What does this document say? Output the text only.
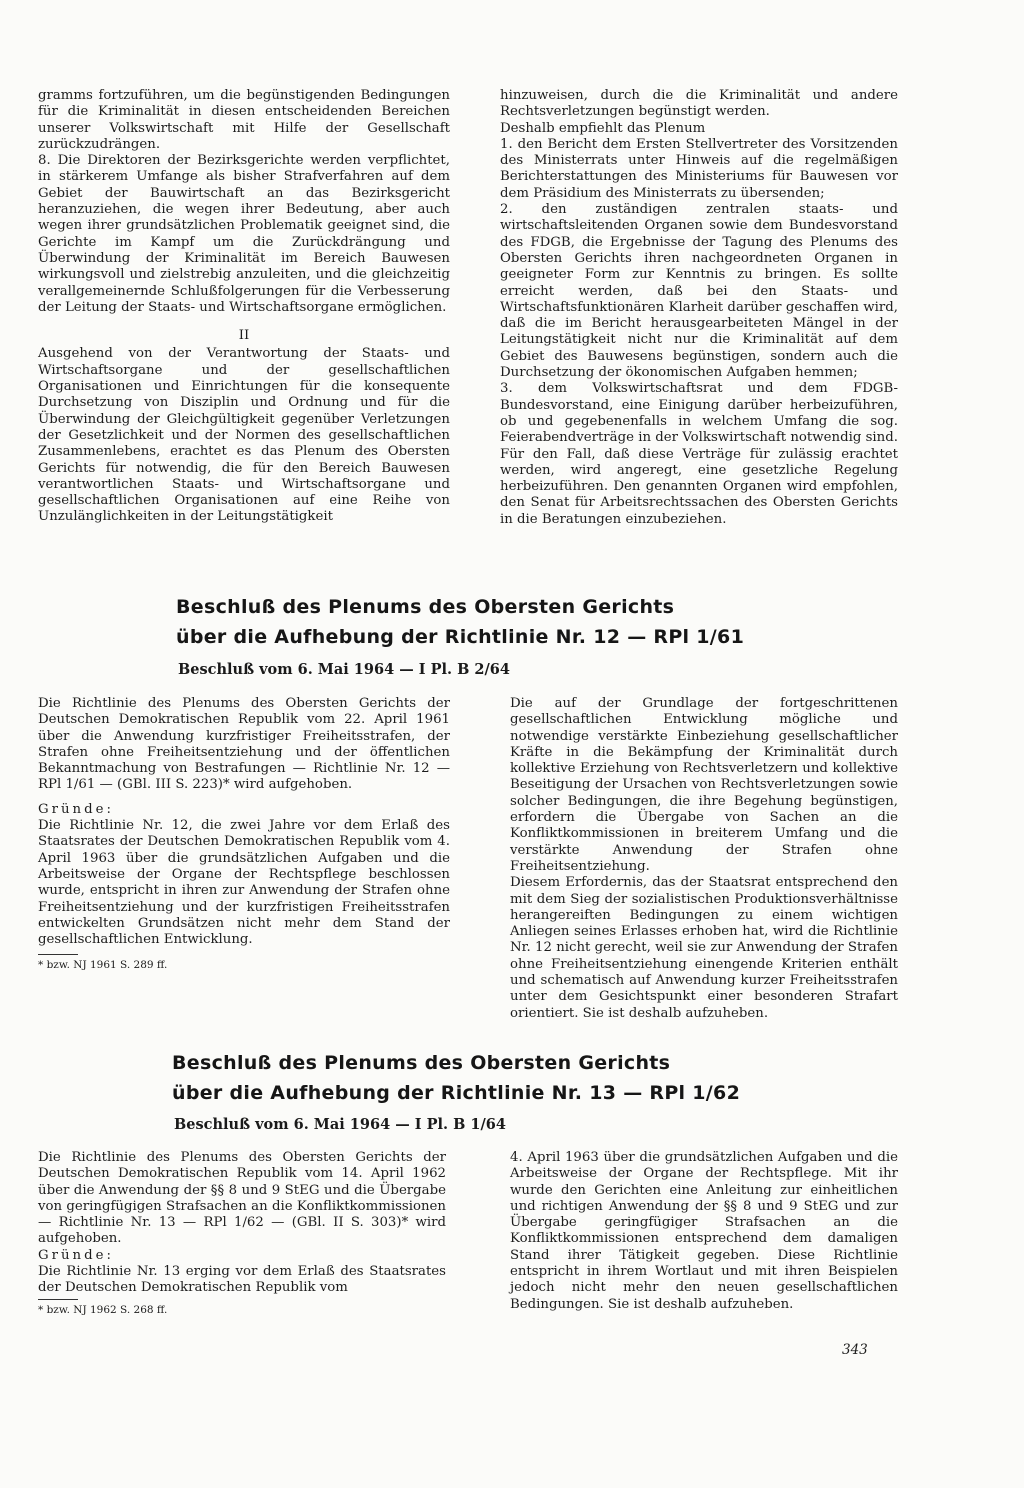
gramms fortzuführen, um die begünstigenden Bedingungen für die Kriminalität in diesen entscheidenden Bereichen unserer Volkswirtschaft mit Hilfe der Gesellschaft zurückzudrängen.

8. Die Direktoren der Bezirksgerichte werden verpflichtet, in stärkerem Umfange als bisher Strafverfahren auf dem Gebiet der Bauwirtschaft an das Bezirksgericht heranzuziehen, die wegen ihrer Bedeutung, aber auch wegen ihrer grundsätzlichen Problematik geeignet sind, die Gerichte im Kampf um die Zurückdrängung und Überwindung der Kriminalität im Bereich Bauwesen wirkungsvoll und zielstrebig anzuleiten, und die gleichzeitig verallgemeinernde Schlußfolgerungen für die Verbesserung der Leitung der Staats- und Wirtschaftsorgane ermöglichen.

II

Ausgehend von der Verantwortung der Staats- und Wirtschaftsorgane und der gesellschaftlichen Organisationen und Einrichtungen für die konsequente Durchsetzung von Disziplin und Ordnung und für die Überwindung der Gleichgültigkeit gegenüber Verletzungen der Gesetzlichkeit und der Normen des gesellschaftlichen Zusammenlebens, erachtet es das Plenum des Obersten Gerichts für notwendig, die für den Bereich Bauwesen verantwortlichen Staats- und Wirtschaftsorgane und gesellschaftlichen Organisationen auf eine Reihe von Unzulänglichkeiten in der Leitungstätigkeit

hinzuweisen, durch die die Kriminalität und andere Rechtsverletzungen begünstigt werden.

Deshalb empfiehlt das Plenum

1. den Bericht dem Ersten Stellvertreter des Vorsitzenden des Ministerrats unter Hinweis auf die regelmäßigen Berichterstattungen des Ministeriums für Bauwesen vor dem Präsidium des Ministerrats zu übersenden;

2. den zuständigen zentralen staats- und wirtschaftsleitenden Organen sowie dem Bundesvorstand des FDGB, die Ergebnisse der Tagung des Plenums des Obersten Gerichts ihren nachgeordneten Organen in geeigneter Form zur Kenntnis zu bringen. Es sollte erreicht werden, daß bei den Staats- und Wirtschaftsfunktionären Klarheit darüber geschaffen wird, daß die im Bericht herausgearbeiteten Mängel in der Leitungstätigkeit nicht nur die Kriminalität auf dem Gebiet des Bauwesens begünstigen, sondern auch die Durchsetzung der ökonomischen Aufgaben hemmen;

3. dem Volkswirtschaftsrat und dem FDGB-Bundesvorstand, eine Einigung darüber herbeizuführen, ob und gegebenenfalls in welchem Umfang die sog. Feierabendverträge in der Volkswirtschaft notwendig sind. Für den Fall, daß diese Verträge für zulässig erachtet werden, wird angeregt, eine gesetzliche Regelung herbeizuführen. Den genannten Organen wird empfohlen, den Senat für Arbeitsrechtssachen des Obersten Gerichts in die Beratungen einzubeziehen.

Beschluß des Plenums des Obersten Gerichts
über die Aufhebung der Richtlinie Nr. 12 — RPl 1/61
Beschluß vom 6. Mai 1964 — I Pl. B 2/64

Die Richtlinie des Plenums des Obersten Gerichts der Deutschen Demokratischen Republik vom 22. April 1961 über die Anwendung kurzfristiger Freiheitsstrafen, der Strafen ohne Freiheitsentziehung und der öffentlichen Bekanntmachung von Bestrafungen — Richtlinie Nr. 12 — RPl 1/61 — (GBl. III S. 223)* wird aufgehoben.

Gründe:

Die Richtlinie Nr. 12, die zwei Jahre vor dem Erlaß des Staatsrates der Deutschen Demokratischen Republik vom 4. April 1963 über die grundsätzlichen Aufgaben und die Arbeitsweise der Organe der Rechtspflege beschlossen wurde, entspricht in ihren zur Anwendung der Strafen ohne Freiheitsentziehung und der kurzfristigen Freiheitsstrafen entwickelten Grundsätzen nicht mehr dem Stand der gesellschaftlichen Entwicklung.

* bzw. NJ 1961 S. 289 ff.

Die auf der Grundlage der fortgeschrittenen gesellschaftlichen Entwicklung mögliche und notwendige verstärkte Einbeziehung gesellschaftlicher Kräfte in die Bekämpfung der Kriminalität durch kollektive Erziehung von Rechtsverletzern und kollektive Beseitigung der Ursachen von Rechtsverletzungen sowie solcher Bedingungen, die ihre Begehung begünstigen, erfordern die Übergabe von Sachen an die Konfliktkommissionen in breiterem Umfang und die verstärkte Anwendung der Strafen ohne Freiheitsentziehung.

Diesem Erfordernis, das der Staatsrat entsprechend den mit dem Sieg der sozialistischen Produktionsverhältnisse herangereiften Bedingungen zu einem wichtigen Anliegen seines Erlasses erhoben hat, wird die Richtlinie Nr. 12 nicht gerecht, weil sie zur Anwendung der Strafen ohne Freiheitsentziehung einengende Kriterien enthält und schematisch auf Anwendung kurzer Freiheitsstrafen unter dem Gesichtspunkt einer besonderen Strafart orientiert. Sie ist deshalb aufzuheben.

Beschluß des Plenums des Obersten Gerichts
über die Aufhebung der Richtlinie Nr. 13 — RPl 1/62
Beschluß vom 6. Mai 1964 — I Pl. B 1/64

Die Richtlinie des Plenums des Obersten Gerichts der Deutschen Demokratischen Republik vom 14. April 1962 über die Anwendung der §§ 8 und 9 StEG und die Übergabe von geringfügigen Strafsachen an die Konfliktkommissionen — Richtlinie Nr. 13 — RPl 1/62 — (GBl. II S. 303)* wird aufgehoben.

Gründe:

Die Richtlinie Nr. 13 erging vor dem Erlaß des Staatsrates der Deutschen Demokratischen Republik vom

* bzw. NJ 1962 S. 268 ff.

4. April 1963 über die grundsätzlichen Aufgaben und die Arbeitsweise der Organe der Rechtspflege. Mit ihr wurde den Gerichten eine Anleitung zur einheitlichen und richtigen Anwendung der §§ 8 und 9 StEG und zur Übergabe geringfügiger Strafsachen an die Konfliktkommissionen entsprechend dem damaligen Stand ihrer Tätigkeit gegeben. Diese Richtlinie entspricht in ihrem Wortlaut und mit ihren Beispielen jedoch nicht mehr den neuen gesellschaftlichen Bedingungen. Sie ist deshalb aufzuheben.

343
